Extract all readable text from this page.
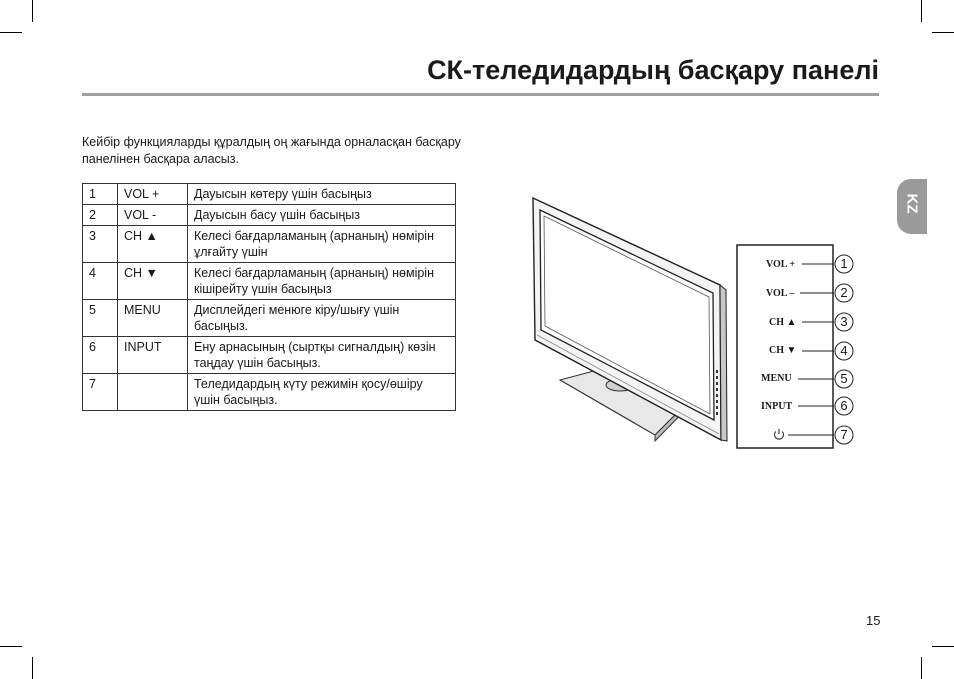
СК-теледидардың басқару панелі
Кейбір функцияларды құралдың оң жағында орналасқан басқару панелінен басқара аласыз.
1	VOL +	Дауысын көтеру үшін басыңыз
2	VOL -	Дауысын басу үшін басыңыз
3	CH ▲	Келесі бағдарламаның (арнаның) нөмірін ұлғайту үшін
4	CH ▼	Келесі бағдарламаның (арнаның) нөмірін кішірейту үшін басыңыз
5	MENU	Дисплейдегі менюге кіру/шығу үшін басыңыз.
6	INPUT	Ену арнасының (сыртқы сигналдың) көзін таңдау үшін басыңыз.
7		Теледидардың күту режимін қосу/өшіру үшін басыңыз.
VOL +
VOL –
CH ▲
CH ▼
MENU
INPUT
1
2
3
4
5
6
7
KZ
15
